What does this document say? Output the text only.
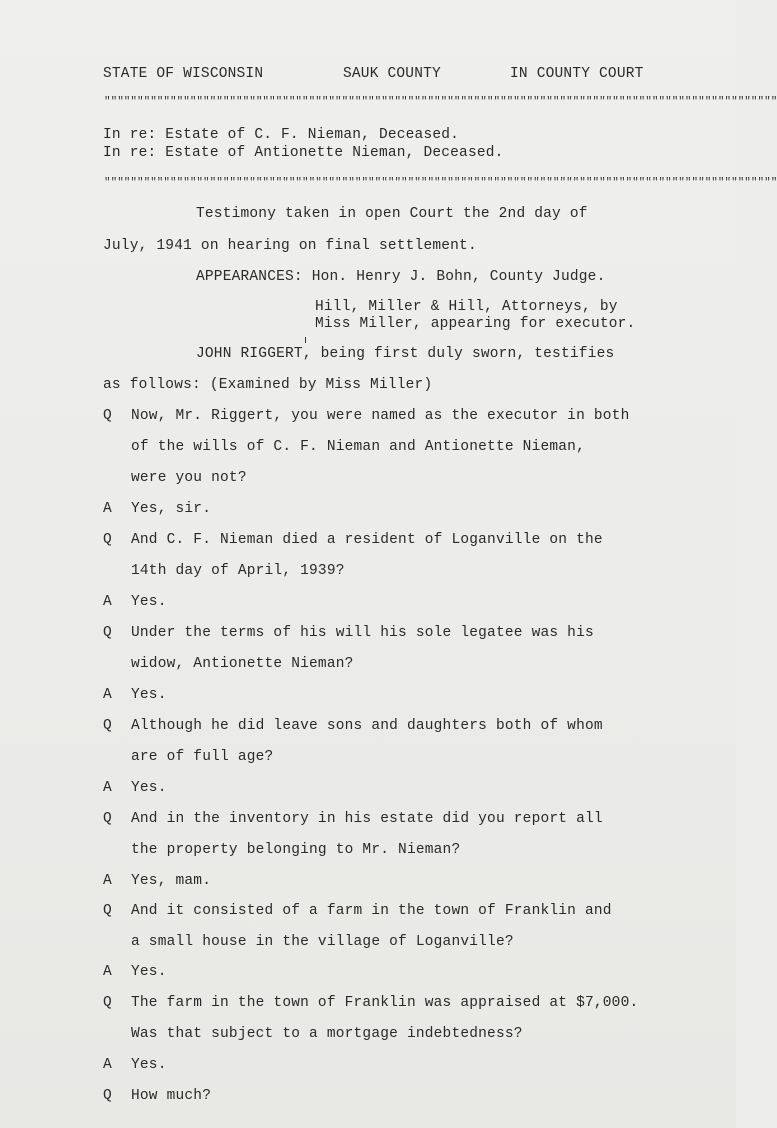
STATE OF WISCONSIN

	SAUK COUNTY

	IN COUNTY COURT

""""""""""""""""""""""""""""""""""""""""""""""""""""""""""""""""""""""""""""""""""""""""""""""""""""""
In re: Estate of C. F. Nieman, Deceased.
In re: Estate of Antionette Nieman, Deceased.
""""""""""""""""""""""""""""""""""""""""""""""""""""""""""""""""""""""""""""""""""""""""""""""""""""""
Testimony taken in open Court the 2nd day of
July, 1941 on hearing on final settlement.
APPEARANCES: Hon. Henry J. Bohn, County Judge.
Hill, Miller & Hill, Attorneys, by
Miss Miller, appearing for executor.
JOHN RIGGERT, being first duly sworn, testifies
as follows: (Examined by Miss Miller)
Q Now, Mr. Riggert, you were named as the executor in both
of the wills of C. F. Nieman and Antionette Nieman,
were you not?
A Yes, sir.
Q And C. F. Nieman died a resident of Loganville on the
14th day of April, 1939?
A Yes.
Q Under the terms of his will his sole legatee was his
widow, Antionette Nieman?
A Yes.
Q Although he did leave sons and daughters both of whom
are of full age?
A Yes.
Q And in the inventory in his estate did you report all
the property belonging to Mr. Nieman?
A Yes, mam.
Q And it consisted of a farm in the town of Franklin and
a small house in the village of Loganville?
A Yes.
Q The farm in the town of Franklin was appraised at $7,000.
Was that subject to a mortgage indebtedness?
A Yes.
Q How much?
